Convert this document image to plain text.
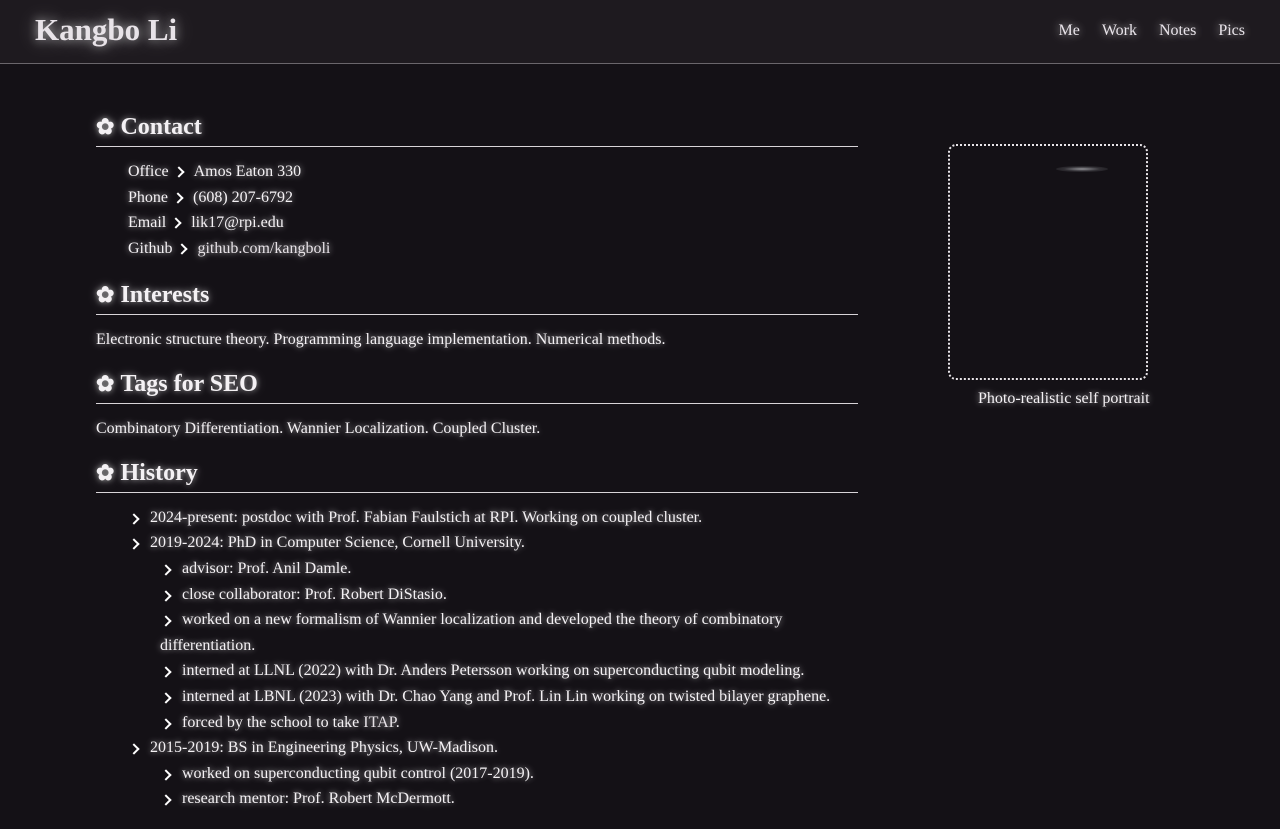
Kangbo Li	Me Work Notes Pics
✿ Contact
Office Amos Eaton 330
Phone (608) 207-6792
Email lik17@rpi.edu
Github github.com/kangboli
✿ Interests

Electronic structure theory. Programming language implementation. Numerical methods.

✿ Tags for SEO

Combinatory Differentiation. Wannier Localization. Coupled Cluster.

✿ History
2024-present: postdoc with Prof. Fabian Faulstich at RPI. Working on coupled cluster.
2019-2024: PhD in Computer Science, Cornell University.
advisor: Prof. Anil Damle.
close collaborator: Prof. Robert DiStasio.
worked on a new formalism of Wannier localization and developed the theory of combinatory differentiation.
interned at LLNL (2022) with Dr. Anders Petersson working on superconducting qubit modeling.
interned at LBNL (2023) with Dr. Chao Yang and Prof. Lin Lin working on twisted bilayer graphene.
forced by the school to take ITAP.
2015-2019: BS in Engineering Physics, UW-Madison.
worked on superconducting qubit control (2017-2019).
research mentor: Prof. Robert McDermott.
Photo-realistic self portrait
